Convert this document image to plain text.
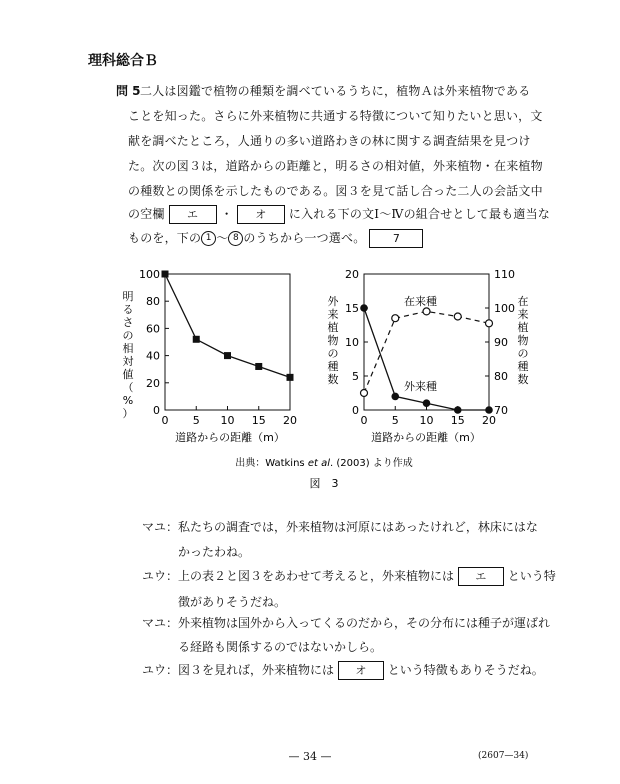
理科総合Ｂ
問 5 二人は図鑑で植物の種類を調べているうちに，植物Ａは外来植物である
ことを知った。さらに外来植物に共通する特徴について知りたいと思い，文
献を調べたところ，人通りの多い道路わきの林に関する調査結果を見つけ
た。次の図３は，道路からの距離と，明るさの相対値，外来植物・在来植物
の種数との関係を示したものである。図３を見て話し合った二人の会話文中
の空欄 エ ・ オ に入れる下の文Ⅰ～Ⅳの組合せとして最も適当な
ものを，下の 1 ～ 8 のうちから一つ選べ。 7
0 5 10 15 20
0
20
40
60
80
100
道路からの距離（m）
明
る
さ
の
相
対
値
（
%
）
0 5 10 15 20
0
5
10
15
20
70
80
90
100
110
在来種
外来種
道路からの距離（m）
外
来
植
物
の
種
数
在
来
植
物
の
種
数
出典：Watkins et al. (2003) より作成
図　3
マユ：私たちの調査では，外来植物は河原にはあったけれど，林床にはな
かったわね。
ユウ：上の表２と図３をあわせて考えると，外来植物には エ という特
徴がありそうだね。
マユ：外来植物は国外から入ってくるのだから，その分布には種子が運ばれ
る経路も関係するのではないかしら。
ユウ：図３を見れば，外来植物には オ という特徴もありそうだね。
— 34 —	(2607—34)
